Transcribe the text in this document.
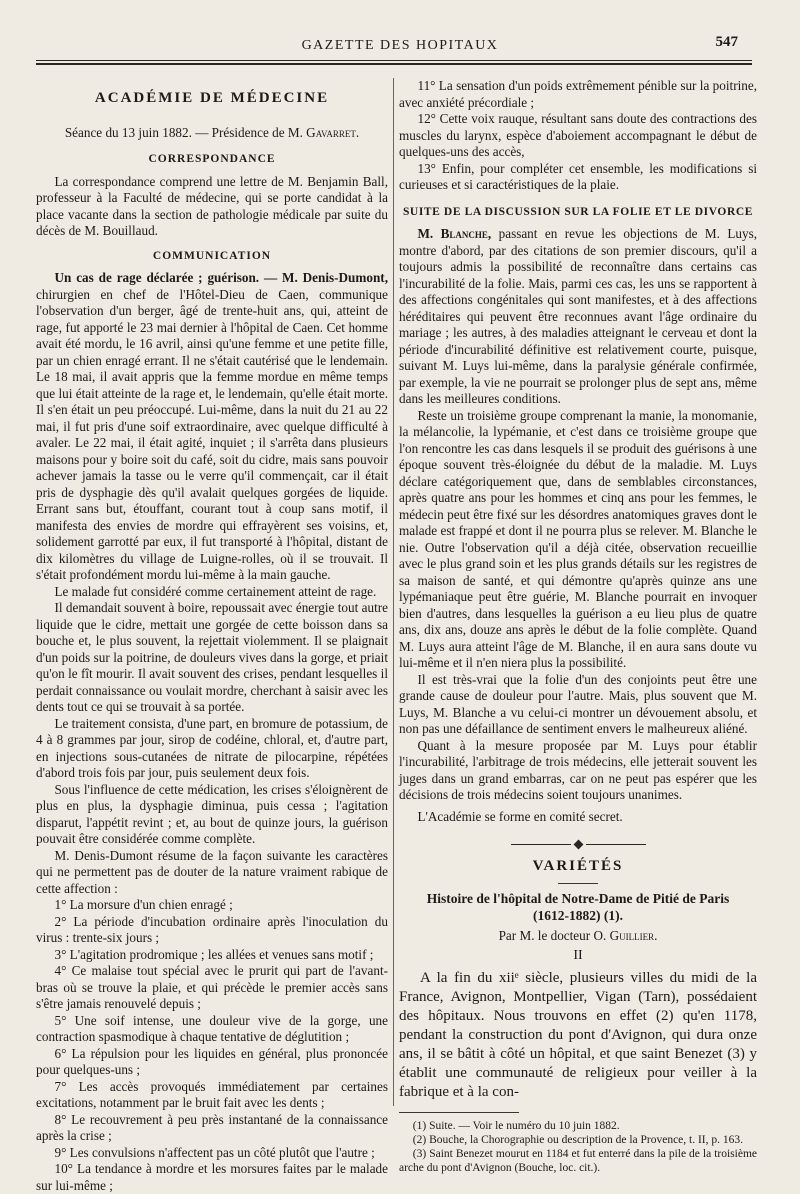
GAZETTE DES HOPITAUX	547
ACADÉMIE DE MÉDECINE

Séance du 13 juin 1882. — Présidence de M. Gavarret.

CORRESPONDANCE

La correspondance comprend une lettre de M. Benjamin Ball, professeur à la Faculté de médecine, qui se porte candidat à la place vacante dans la section de pathologie médicale par suite du décès de M. Bouillaud.

COMMUNICATION

Un cas de rage déclarée ; guérison. — M. Denis-Dumont, chirurgien en chef de l'Hôtel-Dieu de Caen, communique l'observation d'un berger, âgé de trente-huit ans, qui, atteint de rage, fut apporté le 23 mai dernier à l'hôpital de Caen. Cet homme avait été mordu, le 16 avril, ainsi qu'une femme et une petite fille, par un chien enragé errant. Il ne s'était cautérisé que le lendemain. Le 18 mai, il avait appris que la femme mordue en même temps que lui était atteinte de la rage et, le lendemain, qu'elle était morte. Il s'en était un peu préoccupé. Lui-même, dans la nuit du 21 au 22 mai, il fut pris d'une soif extraordinaire, avec quelque difficulté à avaler. Le 22 mai, il était agité, inquiet ; il s'arrêta dans plusieurs maisons pour y boire soit du café, soit du cidre, mais sans pouvoir achever jamais la tasse ou le verre qu'il commençait, car il était pris de dysphagie dès qu'il avalait quelques gorgées de liquide. Errant sans but, étouffant, courant tout à coup sans motif, il manifesta des envies de mordre qui effrayèrent ses voisins, et, solidement garrotté par eux, il fut transporté à l'hôpital, distant de dix kilomètres du village de Luigne-rolles, où il se trouvait. Il s'était profondément mordu lui-même à la main gauche.

Le malade fut considéré comme certainement atteint de rage.

Il demandait souvent à boire, repoussait avec énergie tout autre liquide que le cidre, mettait une gorgée de cette boisson dans sa bouche et, le plus souvent, la rejettait violemment. Il se plaignait d'un poids sur la poitrine, de douleurs vives dans la gorge, et priait qu'on le fît mourir. Il avait souvent des crises, pendant lesquelles il perdait connaissance ou voulait mordre, cherchant à saisir avec les dents tout ce qui se trouvait à sa portée.

Le traitement consista, d'une part, en bromure de potassium, de 4 à 8 grammes par jour, sirop de codéine, chloral, et, d'autre part, en injections sous-cutanées de nitrate de pilocarpine, répétées d'abord trois fois par jour, puis seulement deux fois.

Sous l'influence de cette médication, les crises s'éloignèrent de plus en plus, la dysphagie diminua, puis cessa ; l'agitation disparut, l'appétit revint ; et, au bout de quinze jours, la guérison pouvait être considérée comme complète.

M. Denis-Dumont résume de la façon suivante les caractères qui ne permettent pas de douter de la nature vraiment rabique de cette affection :

1° La morsure d'un chien enragé ;

2° La période d'incubation ordinaire après l'inoculation du virus : trente-six jours ;

3° L'agitation prodromique ; les allées et venues sans motif ;

4° Ce malaise tout spécial avec le prurit qui part de l'avant-bras où se trouve la plaie, et qui précède le premier accès sans s'être jamais renouvelé depuis ;

5° Une soif intense, une douleur vive de la gorge, une contraction spasmodique à chaque tentative de déglutition ;

6° La répulsion pour les liquides en général, plus prononcée pour quelques-uns ;

7° Les accès provoqués immédiatement par certaines excitations, notamment par le bruit fait avec les dents ;

8° Le recouvrement à peu près instantané de la connaissance après la crise ;

9° Les convulsions n'affectent pas un côté plutôt que l'autre ;

10° La tendance à mordre et les morsures faites par le malade sur lui-même ;

11° La sensation d'un poids extrêmement pénible sur la poitrine, avec anxiété précordiale ;

12° Cette voix rauque, résultant sans doute des contractions des muscles du larynx, espèce d'aboiement accompagnant le début de quelques-uns des accès,

13° Enfin, pour compléter cet ensemble, les modifications si curieuses et si caractéristiques de la plaie.

SUITE DE LA DISCUSSION SUR LA FOLIE ET LE DIVORCE

M. Blanche, passant en revue les objections de M. Luys, montre d'abord, par des citations de son premier discours, qu'il a toujours admis la possibilité de reconnaître dans certains cas l'incurabilité de la folie. Mais, parmi ces cas, les uns se rapportent à des affections congénitales qui sont manifestes, et à des affections héréditaires qui peuvent être reconnues avant l'âge ordinaire du mariage ; les autres, à des maladies atteignant le cerveau et dont la période d'incurabilité définitive est relativement courte, puisque, suivant M. Luys lui-même, dans la paralysie générale confirmée, par exemple, la vie ne pourrait se prolonger plus de sept ans, même dans les meilleures conditions.

Reste un troisième groupe comprenant la manie, la monomanie, la mélancolie, la lypémanie, et c'est dans ce troisième groupe que l'on rencontre les cas dans lesquels il se produit des guérisons à une époque souvent très-éloignée du début de la maladie. M. Luys déclare catégoriquement que, dans de semblables circonstances, après quatre ans pour les hommes et cinq ans pour les femmes, le médecin peut être fixé sur les désordres anatomiques graves dont le malade est frappé et dont il ne pourra plus se relever. M. Blanche le nie. Outre l'observation qu'il a déjà citée, observation recueillie avec le plus grand soin et les plus grands détails sur les registres de sa maison de santé, et qui démontre qu'après quinze ans une lypémaniaque peut être guérie, M. Blanche pourrait en invoquer bien d'autres, dans lesquelles la guérison a eu lieu plus de quatre ans, dix ans, douze ans après le début de la folie complète. Quand M. Luys aura atteint l'âge de M. Blanche, il en aura sans doute vu lui-même et il n'en niera plus la possibilité.

Il est très-vrai que la folie d'un des conjoints peut être une grande cause de douleur pour l'autre. Mais, plus souvent que M. Luys, M. Blanche a vu celui-ci montrer un dévouement absolu, et non pas une défaillance de sentiment envers le malheureux aliéné.

Quant à la mesure proposée par M. Luys pour établir l'incurabilité, l'arbitrage de trois médecins, elle jetterait souvent les juges dans un grand embarras, car on ne peut pas espérer que les décisions de trois médecins soient toujours unanimes.

L'Académie se forme en comité secret.

VARIÉTÉS
Histoire de l'hôpital de Notre-Dame de Pitié de Paris
(1612-1882) (1).

Par M. le docteur O. Guillier.

II

A la fin du xiiᵉ siècle, plusieurs villes du midi de la France, Avignon, Montpellier, Vigan (Tarn), possédaient des hôpitaux. Nous trouvons en effet (2) qu'en 1178, pendant la construction du pont d'Avignon, qui dura onze ans, il se bâtit à côté un hôpital, et que saint Benezet (3) y établit une communauté de religieux pour veiller à la fabrique et à la con-

(1) Suite. — Voir le numéro du 10 juin 1882.

(2) Bouche, la Chorographie ou description de la Provence, t. II, p. 163.

(3) Saint Benezet mourut en 1184 et fut enterré dans la pile de la troisième arche du pont d'Avignon (Bouche, loc. cit.).
